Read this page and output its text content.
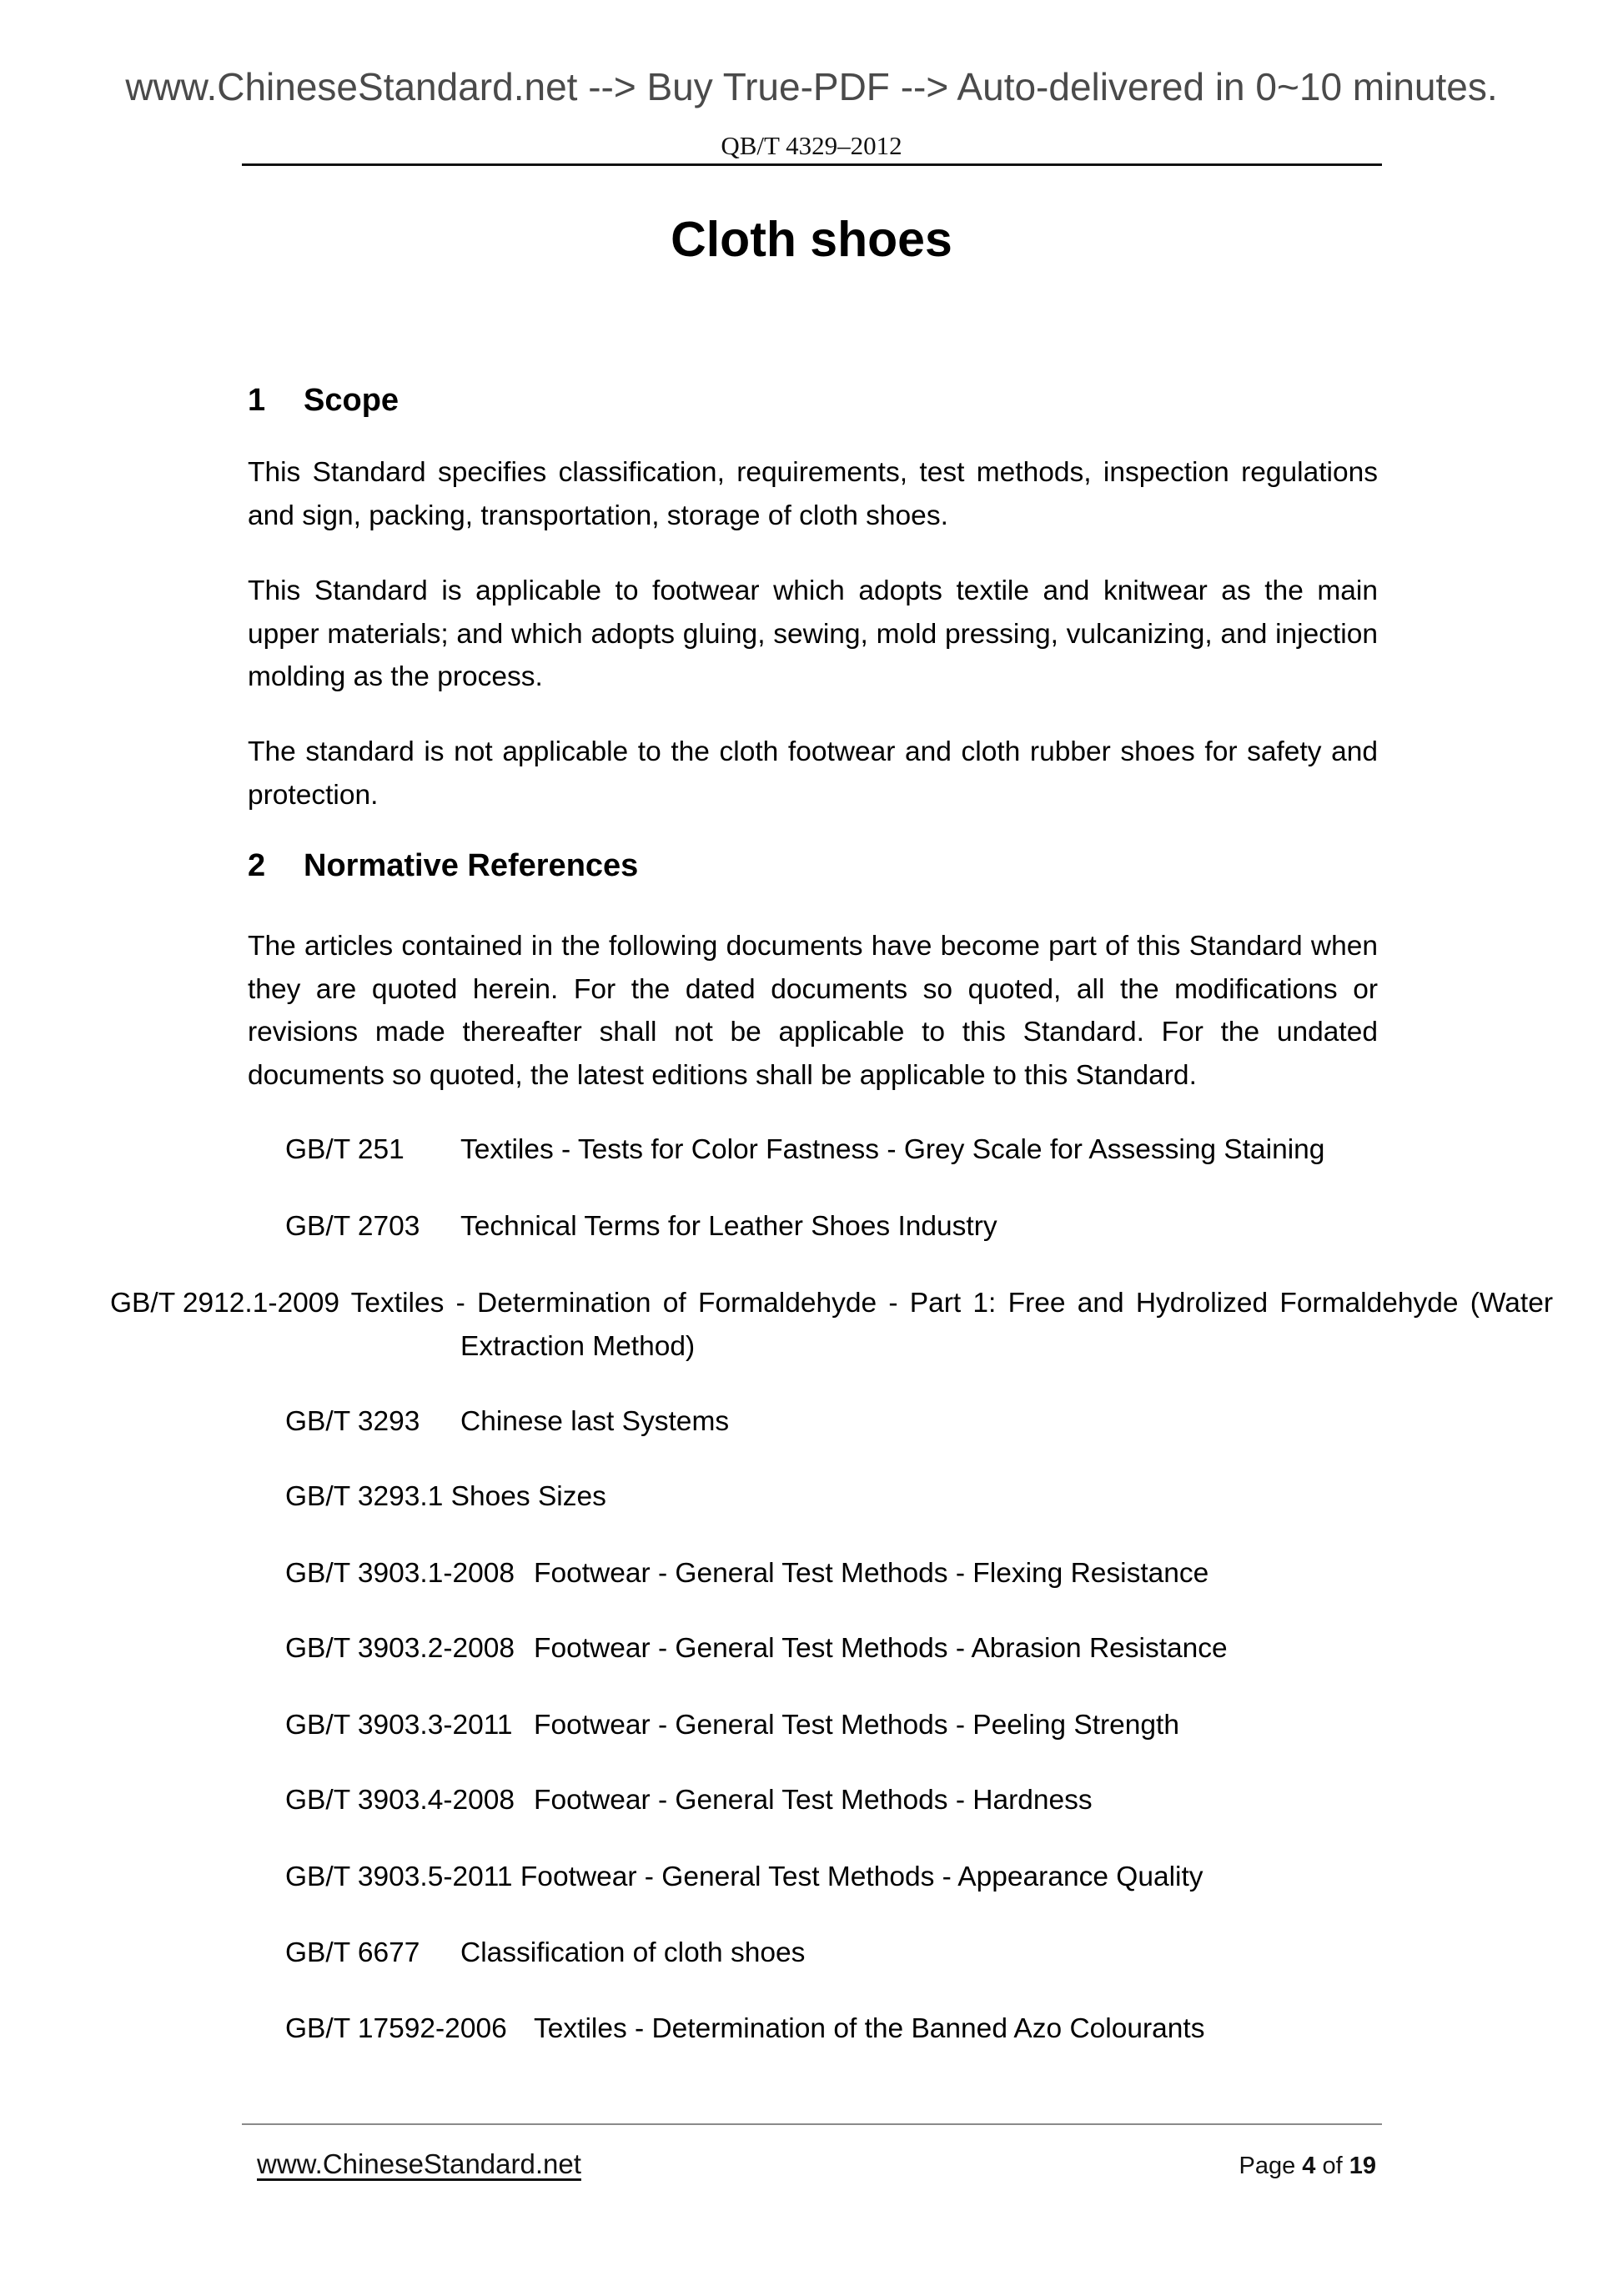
www.ChineseStandard.net --> Buy True-PDF --> Auto-delivered in 0~10 minutes.
QB/T 4329–2012
Cloth shoes
1 Scope

This Standard specifies classification, requirements, test methods, inspection regulations and sign, packing, transportation, storage of cloth shoes.

This Standard is applicable to footwear which adopts textile and knitwear as the main upper materials; and which adopts gluing, sewing, mold pressing, vulcanizing, and injection molding as the process.

The standard is not applicable to the cloth footwear and cloth rubber shoes for safety and protection.

2 Normative References

The articles contained in the following documents have become part of this Standard when they are quoted herein. For the dated documents so quoted, all the modifications or revisions made thereafter shall not be applicable to this Standard. For the undated documents so quoted, the latest editions shall be applicable to this Standard.

GB/T 251 Textiles - Tests for Color Fastness - Grey Scale for Assessing Staining
GB/T 2703 Technical Terms for Leather Shoes Industry
GB/T 2912.1-2009 Textiles - Determination of Formaldehyde - Part 1: Free and Hydrolized Formaldehyde (Water Extraction Method)
GB/T 3293 Chinese last Systems
GB/T 3293.1 Shoes Sizes
GB/T 3903.1-2008 Footwear - General Test Methods - Flexing Resistance
GB/T 3903.2-2008 Footwear - General Test Methods - Abrasion Resistance
GB/T 3903.3-2011 Footwear - General Test Methods - Peeling Strength
GB/T 3903.4-2008 Footwear - General Test Methods - Hardness
GB/T 3903.5-2011 Footwear - General Test Methods - Appearance Quality
GB/T 6677 Classification of cloth shoes
GB/T 17592-2006 Textiles - Determination of the Banned Azo Colourants
www.ChineseStandard.net	Page 4 of 19
